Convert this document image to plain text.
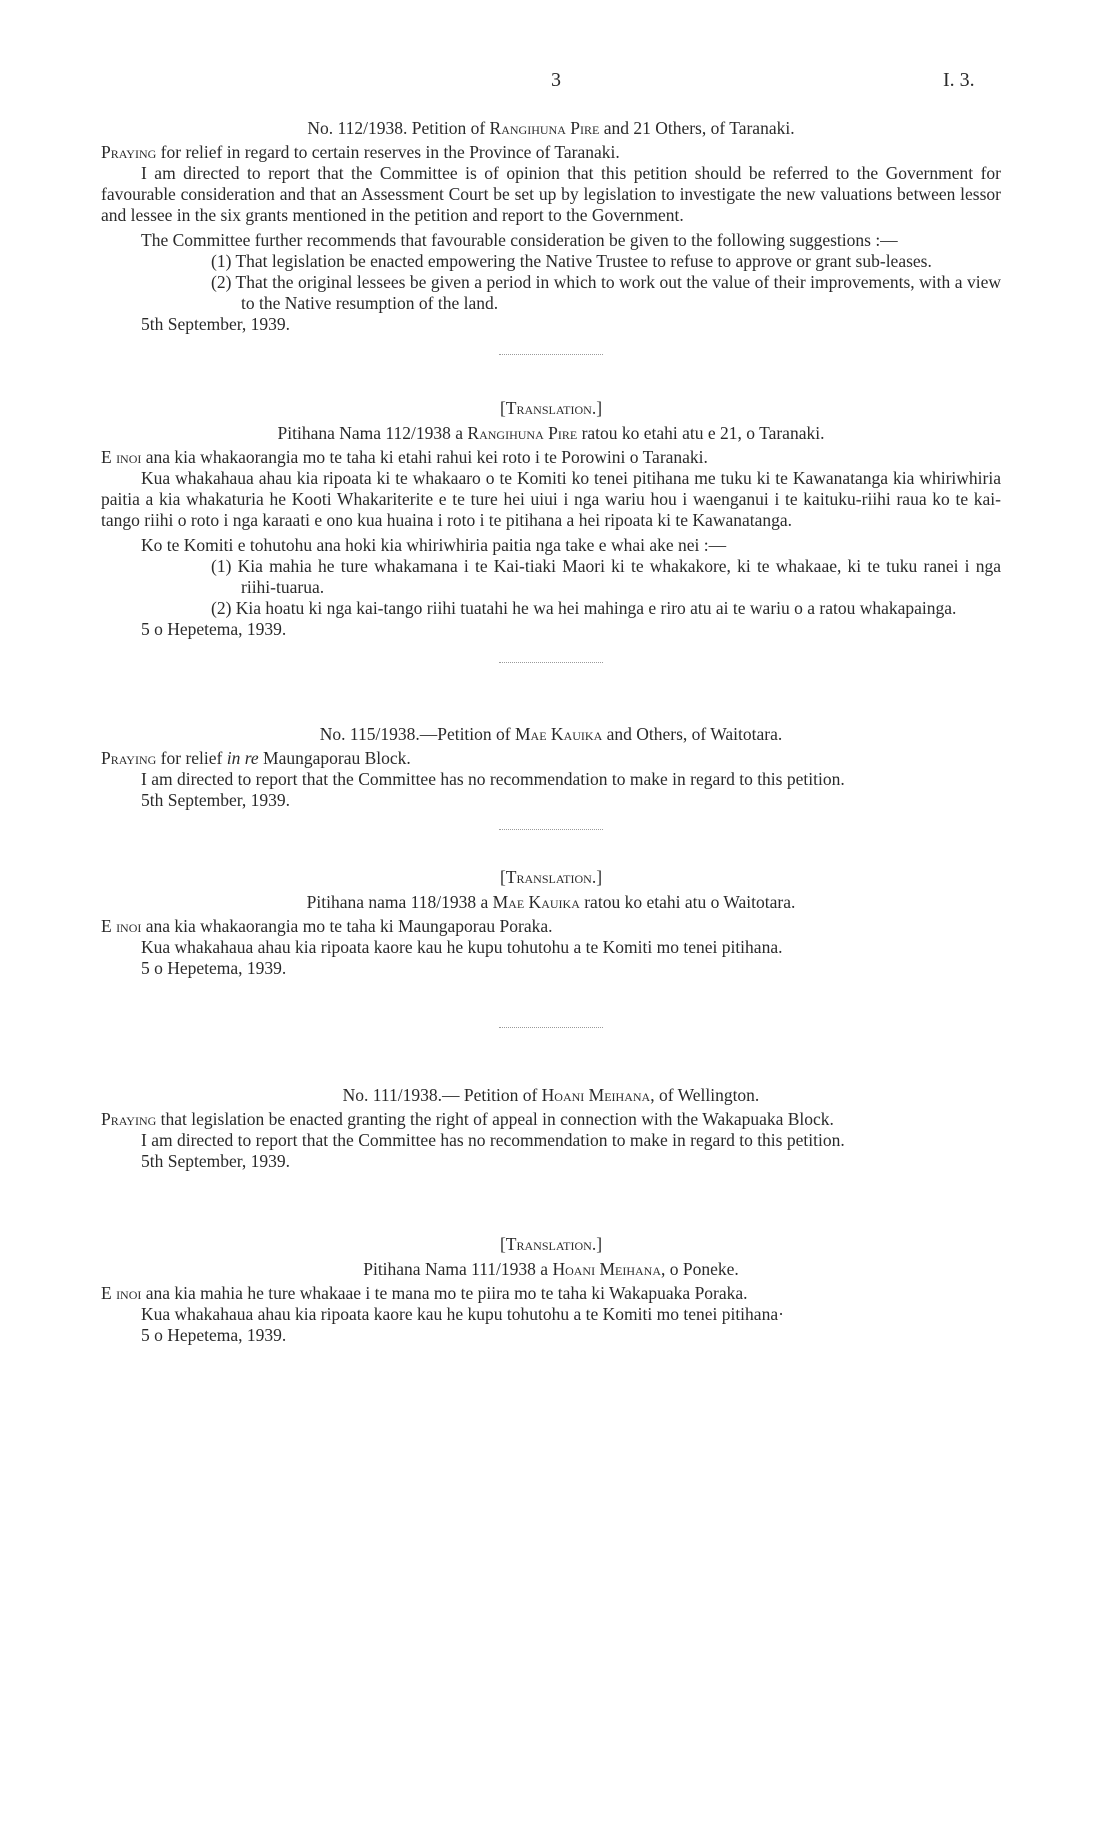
3	I. 3.
No. 112/1938. Petition of Rangihuna Pire and 21 Others, of Taranaki.

Praying for relief in regard to certain reserves in the Province of Taranaki.

I am directed to report that the Committee is of opinion that this petition should be referred to the Government for favourable consideration and that an Assessment Court be set up by legislation to investigate the new valuations between lessor and lessee in the six grants mentioned in the petition and report to the Government.

The Committee further recommends that favourable consideration be given to the following suggestions :—

(1) That legislation be enacted empowering the Native Trustee to refuse to approve or grant sub-leases.

(2) That the original lessees be given a period in which to work out the value of their improvements, with a view to the Native resumption of the land.

5th September, 1939.

[Translation.]
Pitihana Nama 112/1938 a Rangihuna Pire ratou ko etahi atu e 21, o Taranaki.

E inoi ana kia whakaorangia mo te taha ki etahi rahui kei roto i te Porowini o Taranaki.

Kua whakahaua ahau kia ripoata ki te whakaaro o te Komiti ko tenei pitihana me tuku ki te Kawanatanga kia whiriwhiria paitia a kia whakaturia he Kooti Whakariterite e te ture hei uiui i nga wariu hou i waenganui i te kaituku-riihi raua ko te kai-tango riihi o roto i nga karaati e ono kua huaina i roto i te pitihana a hei ripoata ki te Kawanatanga.

Ko te Komiti e tohutohu ana hoki kia whiriwhiria paitia nga take e whai ake nei :—

(1) Kia mahia he ture whakamana i te Kai-tiaki Maori ki te whakakore, ki te whakaae, ki te tuku ranei i nga riihi-tuarua.

(2) Kia hoatu ki nga kai-tango riihi tuatahi he wa hei mahinga e riro atu ai te wariu o a ratou whakapainga.

5 o Hepetema, 1939.

No. 115/1938.—Petition of Mae Kauika and Others, of Waitotara.

Praying for relief in re Maungaporau Block.

I am directed to report that the Committee has no recommendation to make in regard to this petition.

5th September, 1939.

[Translation.]
Pitihana nama 118/1938 a Mae Kauika ratou ko etahi atu o Waitotara.

E inoi ana kia whakaorangia mo te taha ki Maungaporau Poraka.

Kua whakahaua ahau kia ripoata kaore kau he kupu tohutohu a te Komiti mo tenei pitihana.

5 o Hepetema, 1939.

No. 111/1938.— Petition of Hoani Meihana, of Wellington.

Praying that legislation be enacted granting the right of appeal in connection with the Wakapuaka Block.

I am directed to report that the Committee has no recommendation to make in regard to this petition.

5th September, 1939.

[Translation.]
Pitihana Nama 111/1938 a Hoani Meihana, o Poneke.

E inoi ana kia mahia he ture whakaae i te mana mo te piira mo te taha ki Wakapuaka Poraka.

Kua whakahaua ahau kia ripoata kaore kau he kupu tohutohu a te Komiti mo tenei pitihana·

5 o Hepetema, 1939.
